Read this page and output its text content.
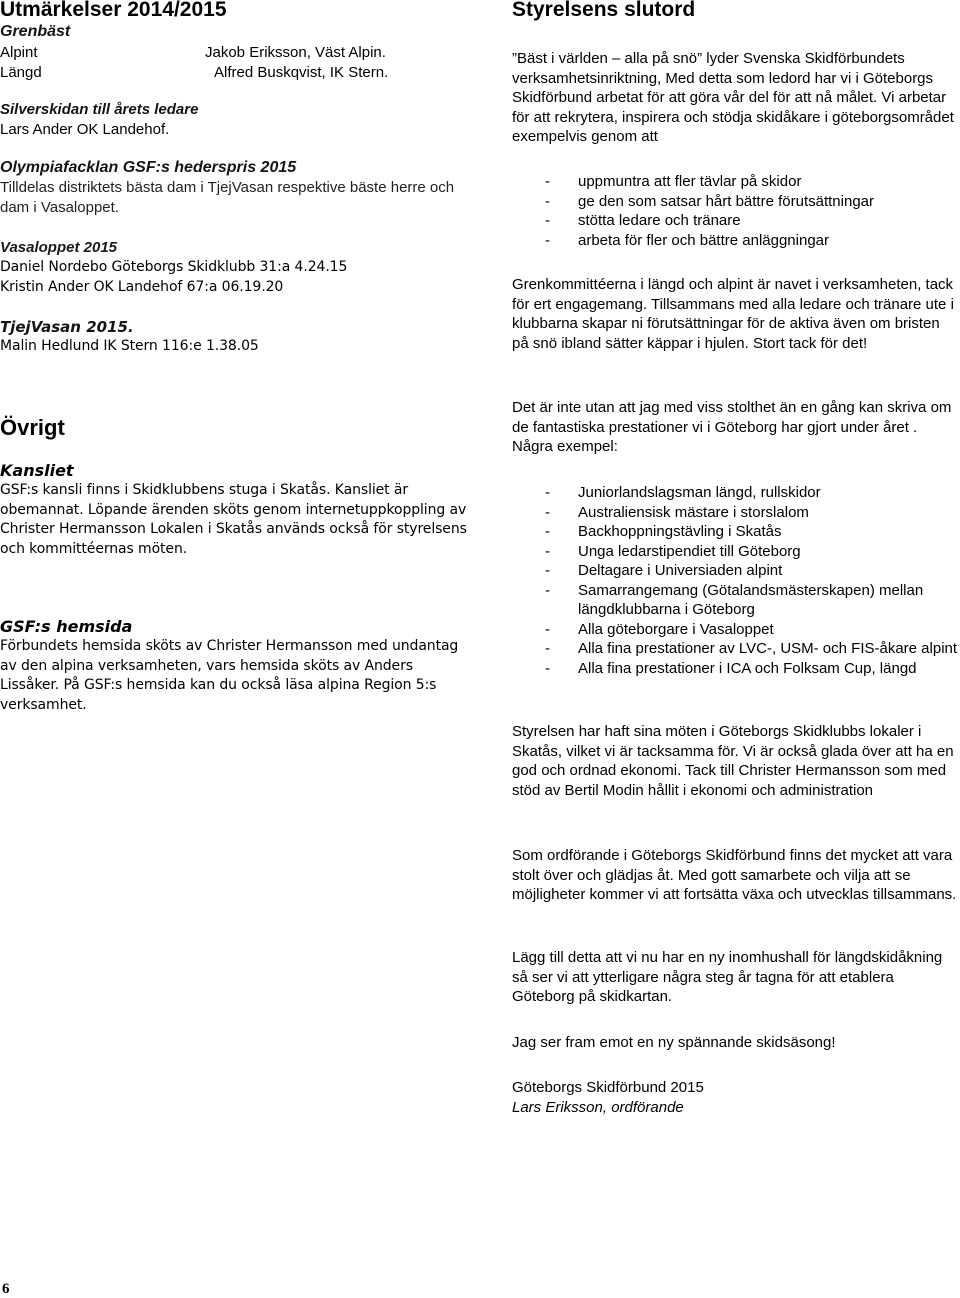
Utmärkelser 2014/2015
Grenbäst
Alpint	Jakob Eriksson, Väst Alpin.
Längd	Alfred Buskqvist, IK Stern.
Silverskidan till årets ledare
Lars Ander OK Landehof.
Olympiafacklan GSF:s hederspris 2015
Tilldelas distriktets bästa dam i TjejVasan respektive bäste herre och dam i Vasaloppet.
Vasaloppet 2015
Daniel Nordebo Göteborgs Skidklubb 31:a 4.24.15
Kristin Ander OK Landehof 67:a 06.19.20
TjejVasan 2015.
Malin Hedlund IK Stern 116:e 1.38.05
Övrigt
Kansliet
GSF:s kansli finns i Skidklubbens stuga i Skatås. Kansliet är obemannat. Löpande ärenden sköts genom internetuppkoppling av Christer Hermansson Lokalen i Skatås används också för styrelsens och kommittéernas möten.
GSF:s hemsida
Förbundets hemsida sköts av Christer Hermansson med undantag av den alpina verksamheten, vars hemsida sköts av Anders Lissåker. På GSF:s hemsida kan du också läsa alpina Region 5:s verksamhet.
Styrelsens slutord
”Bäst i världen – alla på snö” lyder Svenska Skidförbundets verksamhetsinriktning, Med detta som ledord har vi i Göteborgs Skidförbund arbetat för att göra vår del för att nå målet. Vi arbetar för att rekrytera, inspirera och stödja skidåkare i göteborgsområdet exempelvis genom att
- uppmuntra att fler tävlar på skidor
- ge den som satsar hårt bättre förutsättningar
- stötta ledare och tränare
- arbeta för fler och bättre anläggningar
Grenkommittéerna i längd och alpint är navet i verksamheten, tack för ert engagemang. Tillsammans med alla ledare och tränare ute i klubbarna skapar ni förutsättningar för de aktiva även om bristen på snö ibland sätter käppar i hjulen. Stort tack för det!
Det är inte utan att jag med viss stolthet än en gång kan skriva om de fantastiska prestationer vi i Göteborg har gjort under året . Några exempel:
- Juniorlandslagsman längd, rullskidor
- Australiensisk mästare i storslalom
- Backhoppningstävling i Skatås
- Unga ledarstipendiet till Göteborg
- Deltagare i Universiaden alpint
- Samarrangemang (Götalandsmästerskapen) mellan längdklubbarna i Göteborg
- Alla göteborgare i Vasaloppet
- Alla fina prestationer av LVC-, USM- och FIS-åkare alpint
- Alla fina prestationer i ICA och Folksam Cup, längd
Styrelsen har haft sina möten i Göteborgs Skidklubbs lokaler i Skatås, vilket vi är tacksamma för. Vi är också glada över att ha en god och ordnad ekonomi. Tack till Christer Hermansson som med stöd av Bertil Modin hållit i ekonomi och administration
Som ordförande i Göteborgs Skidförbund finns det mycket att vara stolt över och glädjas åt. Med gott samarbete och vilja att se möjligheter kommer vi att fortsätta växa och utvecklas tillsammans.
Lägg till detta att vi nu har en ny inomhushall för längdskidåkning så ser vi att ytterligare några steg år tagna för att etablera Göteborg på skidkartan.
Jag ser fram emot en ny spännande skidsäsong!
Göteborgs Skidförbund 2015
Lars Eriksson, ordförande
6
